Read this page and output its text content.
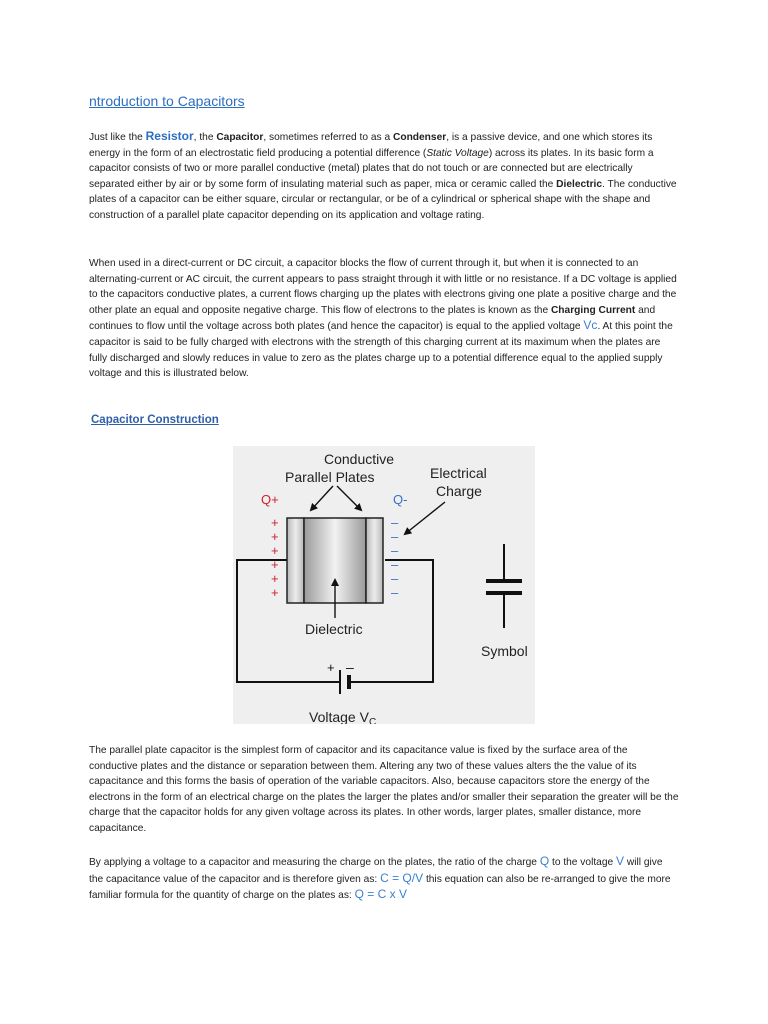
ntroduction to Capacitors

Just like the Resistor, the Capacitor, sometimes referred to as a Condenser, is a passive device, and one which stores its energy in the form of an electrostatic field producing a potential difference (Static Voltage) across its plates. In its basic form a capacitor consists of two or more parallel conductive (metal) plates that do not touch or are connected but are electrically separated either by air or by some form of insulating material such as paper, mica or ceramic called the Dielectric. The conductive plates of a capacitor can be either square, circular or rectangular, or be of a cylindrical or spherical shape with the shape and construction of a parallel plate capacitor depending on its application and voltage rating.

When used in a direct-current or DC circuit, a capacitor blocks the flow of current through it, but when it is connected to an alternating-current or AC circuit, the current appears to pass straight through it with little or no resistance. If a DC voltage is applied to the capacitors conductive plates, a current flows charging up the plates with electrons giving one plate a positive charge and the other plate an equal and opposite negative charge. This flow of electrons to the plates is known as the Charging Current and continues to flow until the voltage across both plates (and hence the capacitor) is equal to the applied voltage Vc. At this point the capacitor is said to be fully charged with electrons with the strength of this charging current at its maximum when the plates are fully discharged and slowly reduces in value to zero as the plates charge up to a potential difference equal to the applied supply voltage and this is illustrated below.

Capacitor Construction
+ –
+
+
+
+
+
+
–
–
–
–
–
–
Conductive
Parallel Plates	Electrical
Charge
Q+	Q-
Dielectric
Symbol
Voltage $V_C$

The parallel plate capacitor is the simplest form of capacitor and its capacitance value is fixed by the surface area of the conductive plates and the distance or separation between them. Altering any two of these values alters the the value of its capacitance and this forms the basis of operation of the variable capacitors. Also, because capacitors store the energy of the electrons in the form of an electrical charge on the plates the larger the plates and/or smaller their separation the greater will be the charge that the capacitor holds for any given voltage across its plates. In other words, larger plates, smaller distance, more capacitance.

By applying a voltage to a capacitor and measuring the charge on the plates, the ratio of the charge Q to the voltage V will give the capacitance value of the capacitor and is therefore given as: C = Q/V this equation can also be re-arranged to give the more familiar formula for the quantity of charge on the plates as: Q = C x V
